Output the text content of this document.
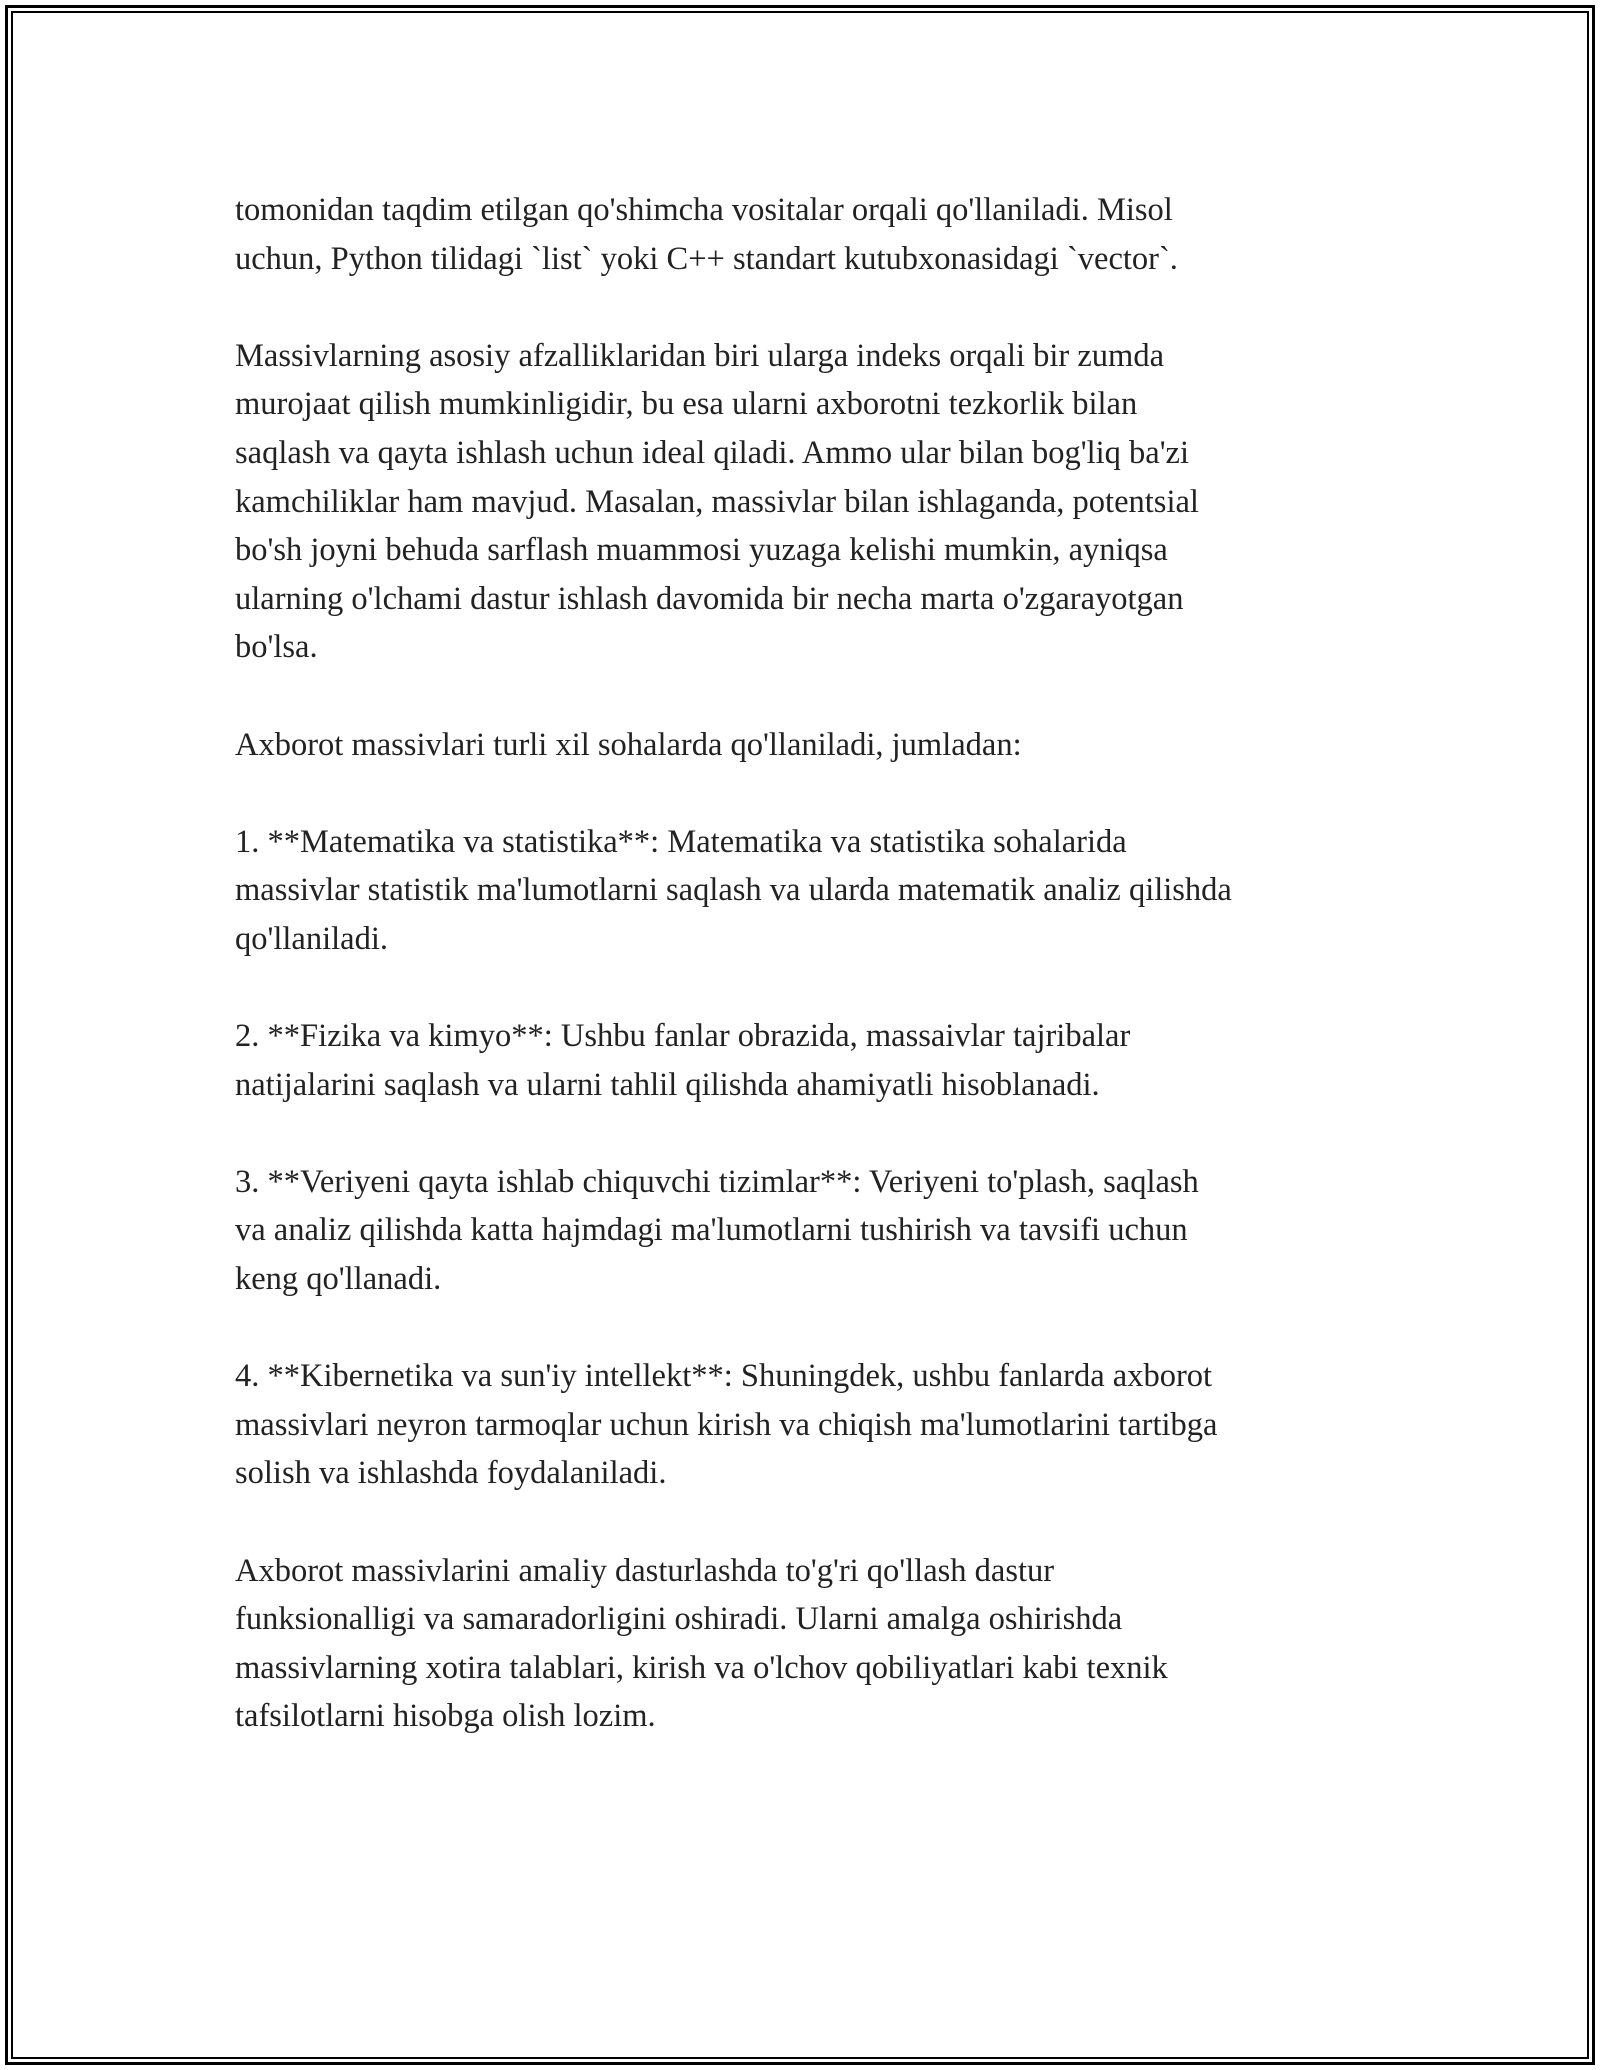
tomonidan taqdim etilgan qo'shimcha vositalar orqali qo'llaniladi. Misol
uchun, Python tilidagi `list` yoki C++ standart kutubxonasidagi `vector`.

Massivlarning asosiy afzalliklaridan biri ularga indeks orqali bir zumda
murojaat qilish mumkinligidir, bu esa ularni axborotni tezkorlik bilan
saqlash va qayta ishlash uchun ideal qiladi. Ammo ular bilan bog'liq ba'zi
kamchiliklar ham mavjud. Masalan, massivlar bilan ishlaganda, potentsial
bo'sh joyni behuda sarflash muammosi yuzaga kelishi mumkin, ayniqsa
ularning o'lchami dastur ishlash davomida bir necha marta o'zgarayotgan
bo'lsa.

Axborot massivlari turli xil sohalarda qo'llaniladi, jumladan:

1. **Matematika va statistika**: Matematika va statistika sohalarida
massivlar statistik ma'lumotlarni saqlash va ularda matematik analiz qilishda
qo'llaniladi.

2. **Fizika va kimyo**: Ushbu fanlar obrazida, massaivlar tajribalar
natijalarini saqlash va ularni tahlil qilishda ahamiyatli hisoblanadi.

3. **Veriyeni qayta ishlab chiquvchi tizimlar**: Veriyeni to'plash, saqlash
va analiz qilishda katta hajmdagi ma'lumotlarni tushirish va tavsifi uchun
keng qo'llanadi.

4. **Kibernetika va sun'iy intellekt**: Shuningdek, ushbu fanlarda axborot
massivlari neyron tarmoqlar uchun kirish va chiqish ma'lumotlarini tartibga
solish va ishlashda foydalaniladi.

Axborot massivlarini amaliy dasturlashda to'g'ri qo'llash dastur
funksionalligi va samaradorligini oshiradi. Ularni amalga oshirishda
massivlarning xotira talablari, kirish va o'lchov qobiliyatlari kabi texnik
tafsilotlarni hisobga olish lozim.
